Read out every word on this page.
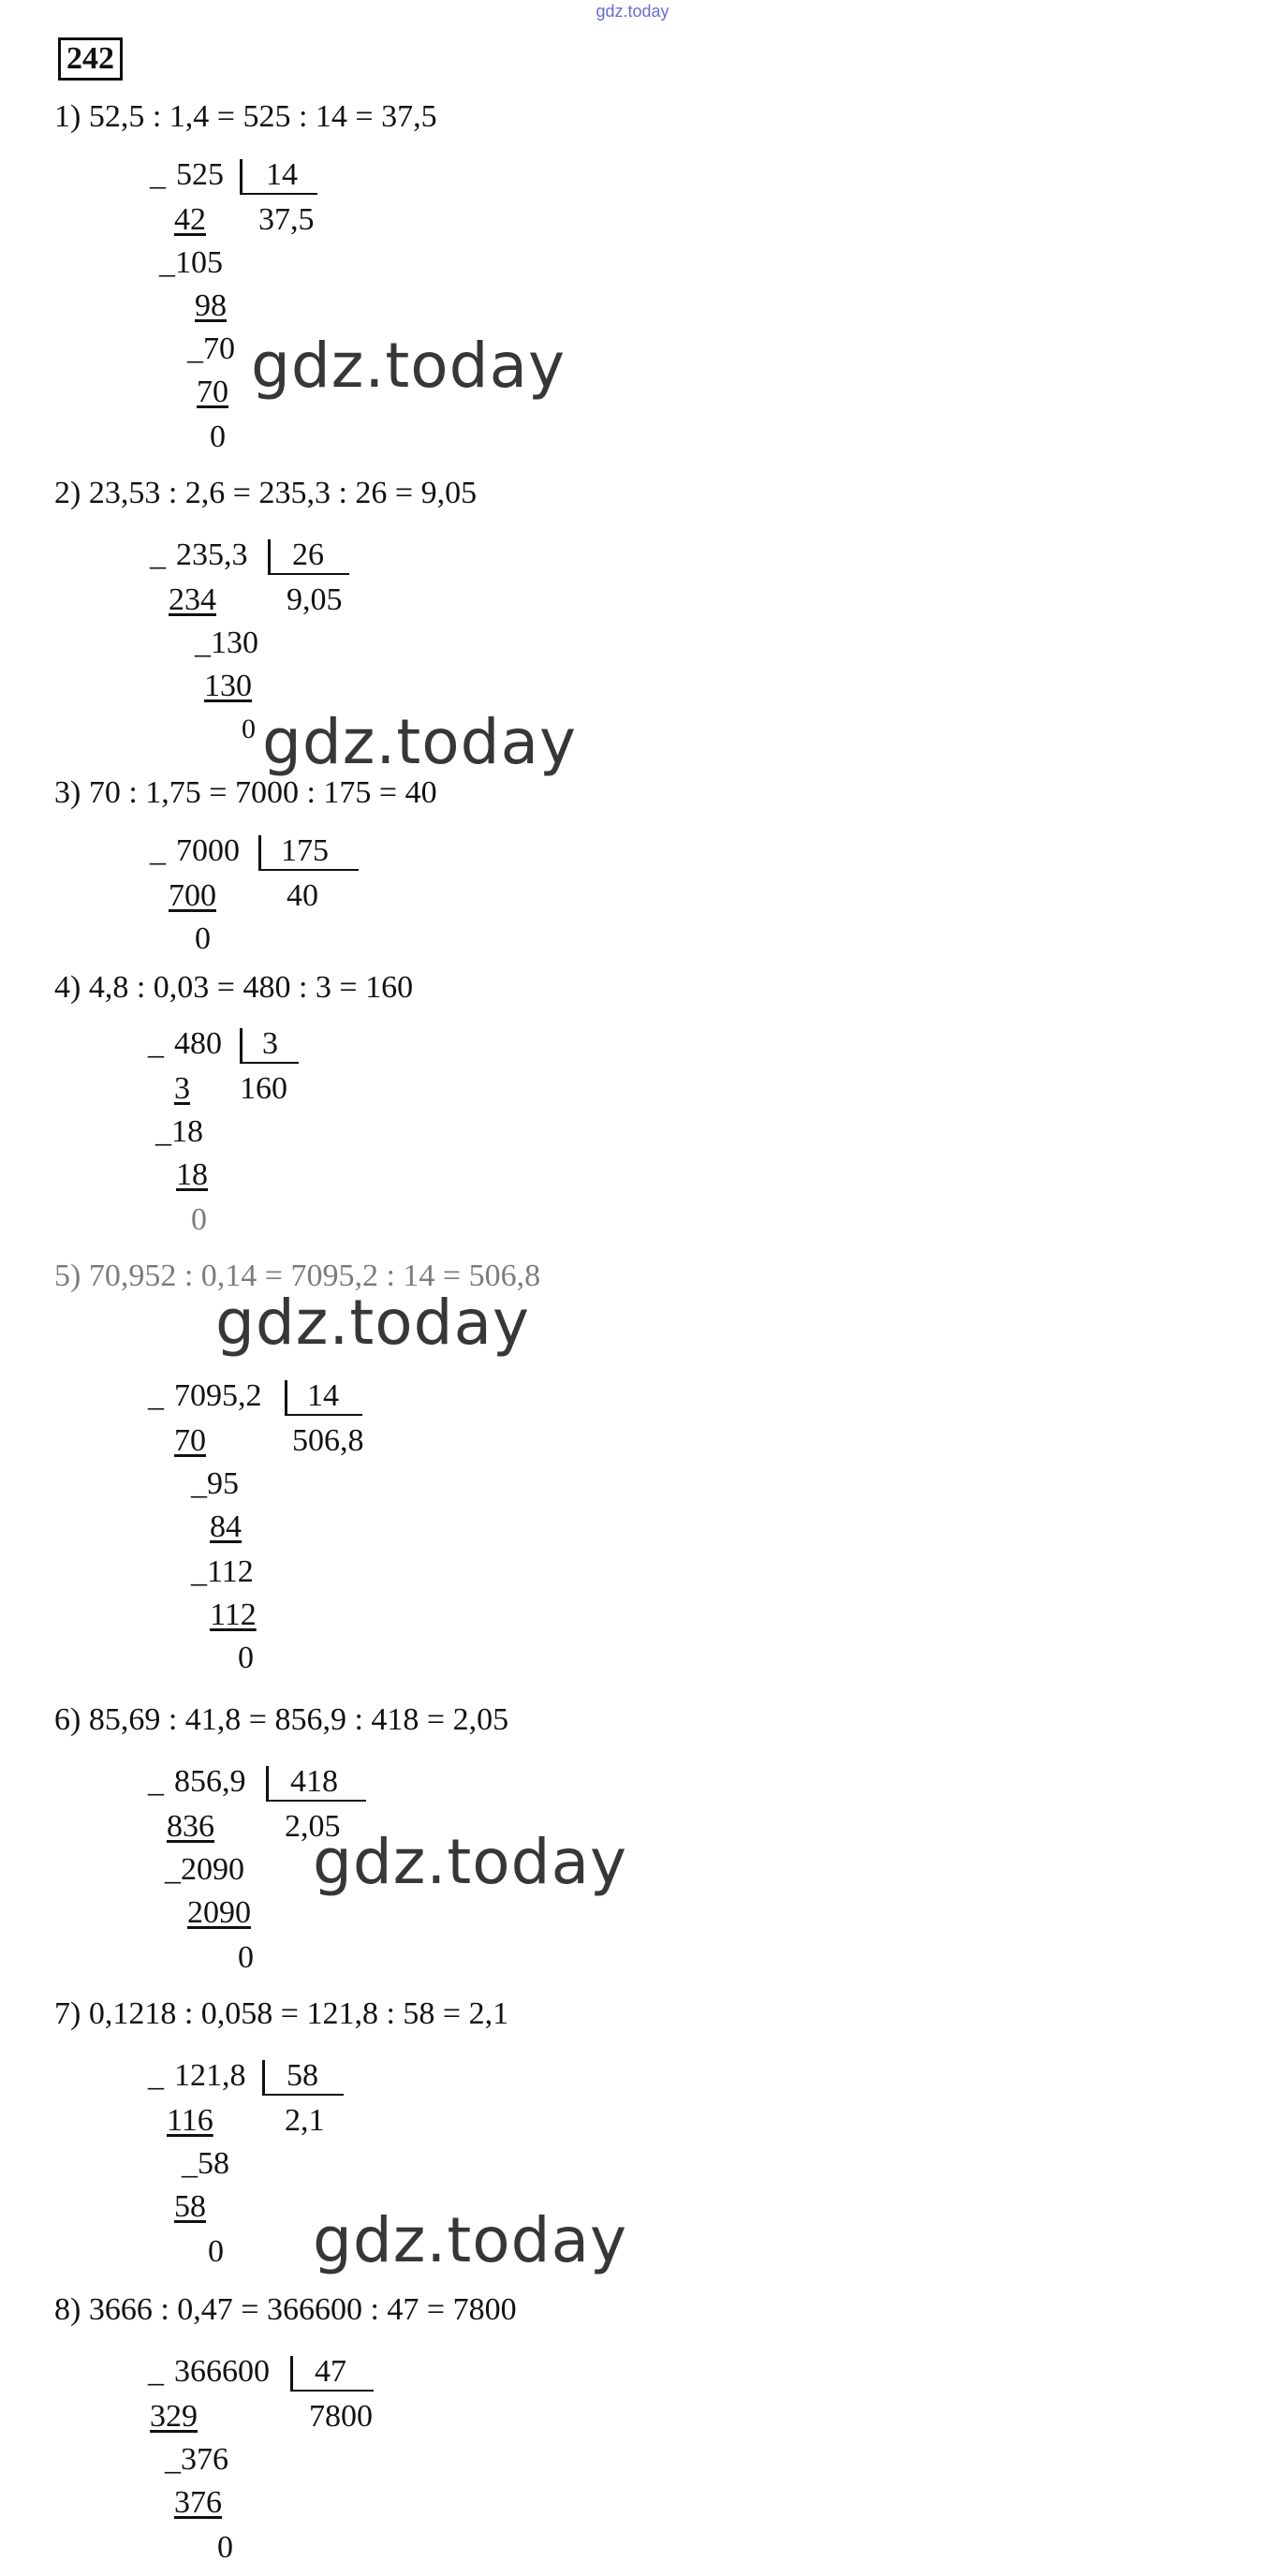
gdz.today
242
1) 52,5 : 1,4 = 525 : 14 = 37,5
_ 525 14
37,5
42
_105
98
_70
70
0
gdz.today
2) 23,53 : 2,6 = 235,3 : 26 = 9,05
_ 235,3 26
9,05
234
_130
130
0 gdz.today
3) 70 : 1,75 = 7000 : 175 = 40
_ 7000 175
40
700
0
4) 4,8 : 0,03 = 480 : 3 = 160
_ 480 3
160
3
_18
18
0
5) 70,952 : 0,14 = 7095,2 : 14 = 506,8
gdz.today
_ 7095,2 14
506,8
70
_95
84
_112
112
0
6) 85,69 : 41,8 = 856,9 : 418 = 2,05
_ 856,9 418
2,05
836
_2090
2090
0
gdz.today
7) 0,1218 : 0,058 = 121,8 : 58 = 2,1
_ 121,8 58
2,1
116
_58
58
0 gdz.today
8) 3666 : 0,47 = 366600 : 47 = 7800
_ 366600 47
7800
329
_376
376
0
